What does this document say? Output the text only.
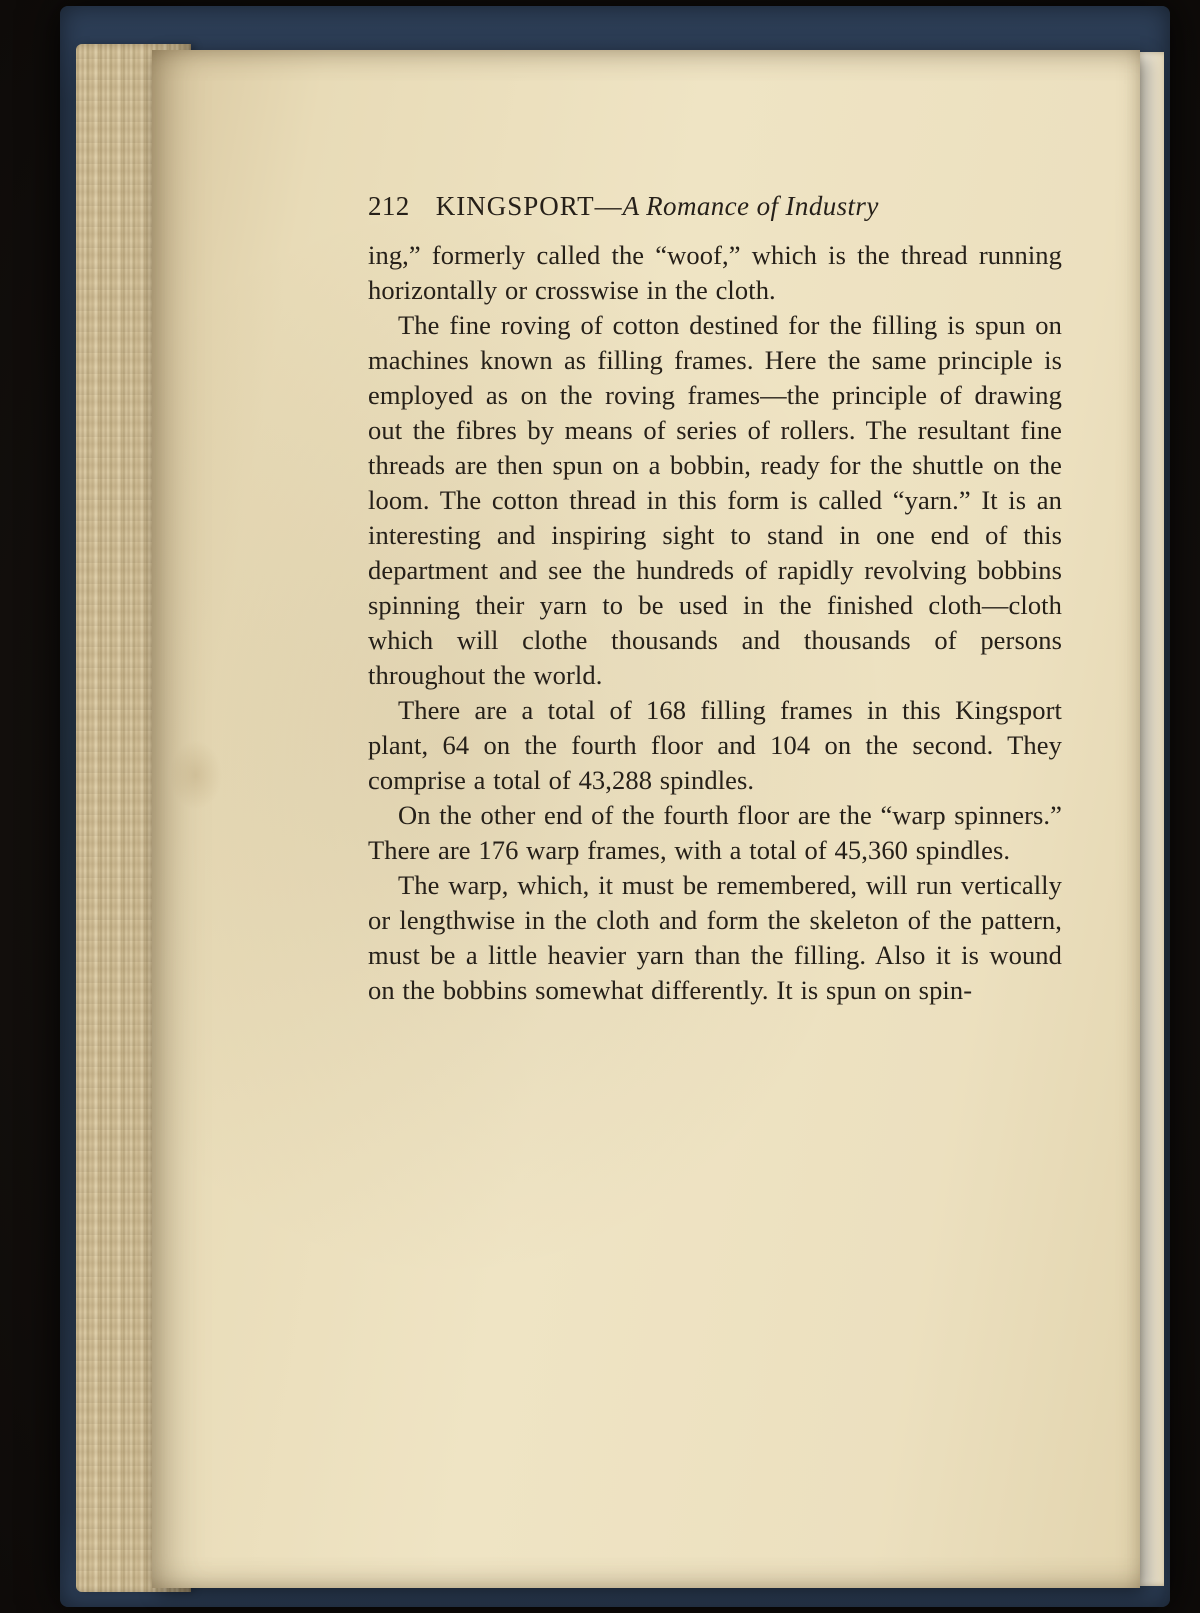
212 KINGSPORT—A Romance of Industry

ing,” formerly called the “woof,” which is the thread running horizontally or crosswise in the cloth.

The fine roving of cotton destined for the filling is spun on machines known as filling frames. Here the same principle is employed as on the roving frames—the principle of drawing out the fibres by means of series of rollers. The resultant fine threads are then spun on a bobbin, ready for the shuttle on the loom. The cotton thread in this form is called “yarn.” It is an interesting and inspiring sight to stand in one end of this department and see the hundreds of rapidly revolving bobbins spinning their yarn to be used in the finished cloth—cloth which will clothe thousands and thousands of persons throughout the world.

There are a total of 168 filling frames in this Kingsport plant, 64 on the fourth floor and 104 on the second. They comprise a total of 43,288 spindles.

On the other end of the fourth floor are the “warp spinners.” There are 176 warp frames, with a total of 45,360 spindles.

The warp, which, it must be remembered, will run vertically or lengthwise in the cloth and form the skeleton of the pattern, must be a little heavier yarn than the filling. Also it is wound on the bobbins somewhat differently. It is spun on spin-
